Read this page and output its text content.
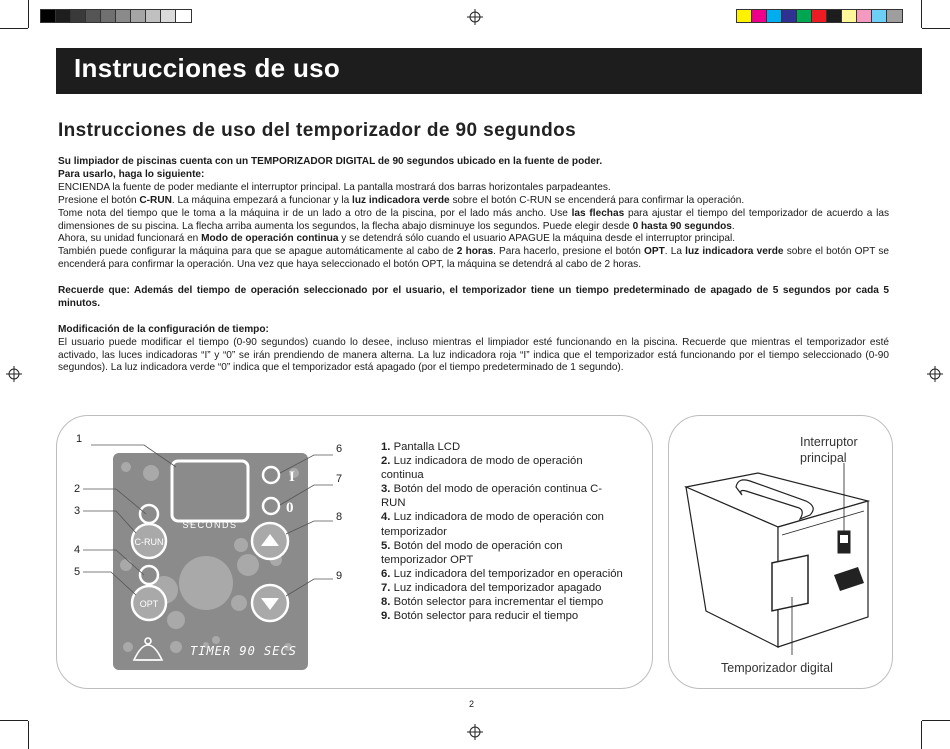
Instrucciones de uso
Instrucciones de uso del temporizador de 90 segundos

Su limpiador de piscinas cuenta con un TEMPORIZADOR DIGITAL de 90 segundos ubicado en la fuente de poder.

Para usarlo, haga lo siguiente:

ENCIENDA la fuente de poder mediante el interruptor principal. La pantalla mostrará dos barras horizontales parpadeantes.

Presione el botón C-RUN. La máquina empezará a funcionar y la luz indicadora verde sobre el botón C-RUN se encenderá para confirmar la operación.

Tome nota del tiempo que le toma a la máquina ir de un lado a otro de la piscina, por el lado más ancho. Use las flechas para ajustar el tiempo del temporizador de acuerdo a las dimensiones de su piscina. La flecha arriba aumenta los segundos, la flecha abajo disminuye los segundos. Puede elegir desde 0 hasta 90 segundos.

Ahora, su unidad funcionará en Modo de operación continua y se detendrá sólo cuando el usuario APAGUE la máquina desde el interruptor principal.

También puede configurar la máquina para que se apague automáticamente al cabo de 2 horas. Para hacerlo, presione el botón OPT. La luz indicadora verde sobre el botón OPT se encenderá para confirmar la operación. Una vez que haya seleccionado el botón OPT, la máquina se detendrá al cabo de 2 horas.

Recuerde que: Además del tiempo de operación seleccionado por el usuario, el temporizador tiene un tiempo predeterminado de apagado de 5 segundos por cada 5 minutos.

Modificación de la configuración de tiempo:

El usuario puede modificar el tiempo (0-90 segundos) cuando lo desee, incluso mientras el limpiador esté funcionando en la piscina. Recuerde que mientras el temporizador esté activado, las luces indicadoras “I” y “0” se irán prendiendo de manera alterna. La luz indicadora roja “I” indica que el temporizador está funcionando por el tiempo seleccionado (0-90 segundos). La luz indicadora verde “0” indica que el temporizador está apagado (por el tiempo predeterminado de 1 segundo).

SECONDS
C-RUN
OPT
I
0
TIMER 90 SECS
1
2
3
4
5
6
7
8
9
1. Pantalla LCD
2. Luz indicadora de modo de operación continua
3. Botón del modo de operación continua C-RUN
4. Luz indicadora de modo de operación con temporizador
5. Botón del modo de operación con temporizador OPT
6. Luz indicadora del temporizador en operación
7. Luz indicadora del temporizador apagado
8. Botón selector para incrementar el tiempo
9. Botón selector para reducir el tiempo
Interruptor
principal
Temporizador digital
2
